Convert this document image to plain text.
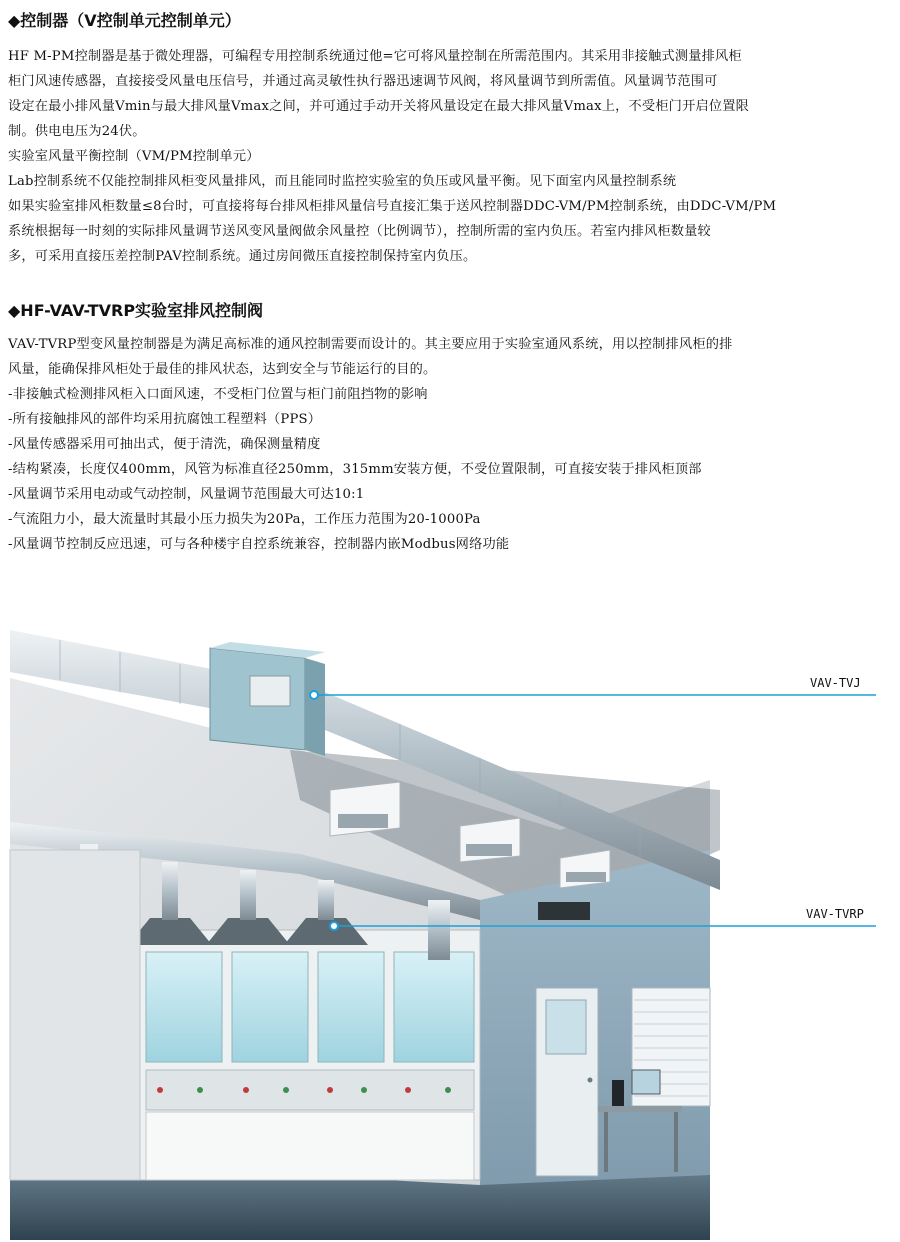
◆控制器（V控制单元控制单元）
HF M-PM控制器是基于微处理器，可编程专用控制系统通过他=它可将风量控制在所需范围内。其采用非接触式测量排风柜
柜门风速传感器，直接接受风量电压信号，并通过高灵敏性执行器迅速调节风阀，将风量调节到所需值。风量调节范围可
设定在最小排风量Vmin与最大排风量Vmax之间，并可通过手动开关将风量设定在最大排风量Vmax上，不受柜门开启位置限
制。供电电压为24伏。
实验室风量平衡控制（VM/PM控制单元）
Lab控制系统不仅能控制排风柜变风量排风，而且能同时监控实验室的负压或风量平衡。见下面室内风量控制系统
如果实验室排风柜数量≤8台时，可直接将每台排风柜排风量信号直接汇集于送风控制器DDC-VM/PM控制系统，由DDC-VM/PM
系统根据每一时刻的实际排风量调节送风变风量阀做余风量控（比例调节），控制所需的室内负压。若室内排风柜数量较
多，可采用直接压差控制PAV控制系统。通过房间微压直接控制保持室内负压。
◆HF-VAV-TVRP实验室排风控制阀
VAV-TVRP型变风量控制器是为满足高标准的通风控制需要而设计的。其主要应用于实验室通风系统，用以控制排风柜的排
风量，能确保排风柜处于最佳的排风状态，达到安全与节能运行的目的。
-非接触式检测排风柜入口面风速，不受柜门位置与柜门前阻挡物的影响
-所有接触排风的部件均采用抗腐蚀工程塑料（PPS）
-风量传感器采用可抽出式，便于清洗，确保测量精度
-结构紧凑，长度仅400mm，风管为标准直径250mm，315mm安装方便，不受位置限制，可直接安装于排风柜顶部
-风量调节采用电动或气动控制，风量调节范围最大可达10:1
-气流阻力小，最大流量时其最小压力损失为20Pa，工作压力范围为20-1000Pa
-风量调节控制反应迅速，可与各种楼宇自控系统兼容，控制器内嵌Modbus网络功能
VAV-TVJ
VAV-TVRP
